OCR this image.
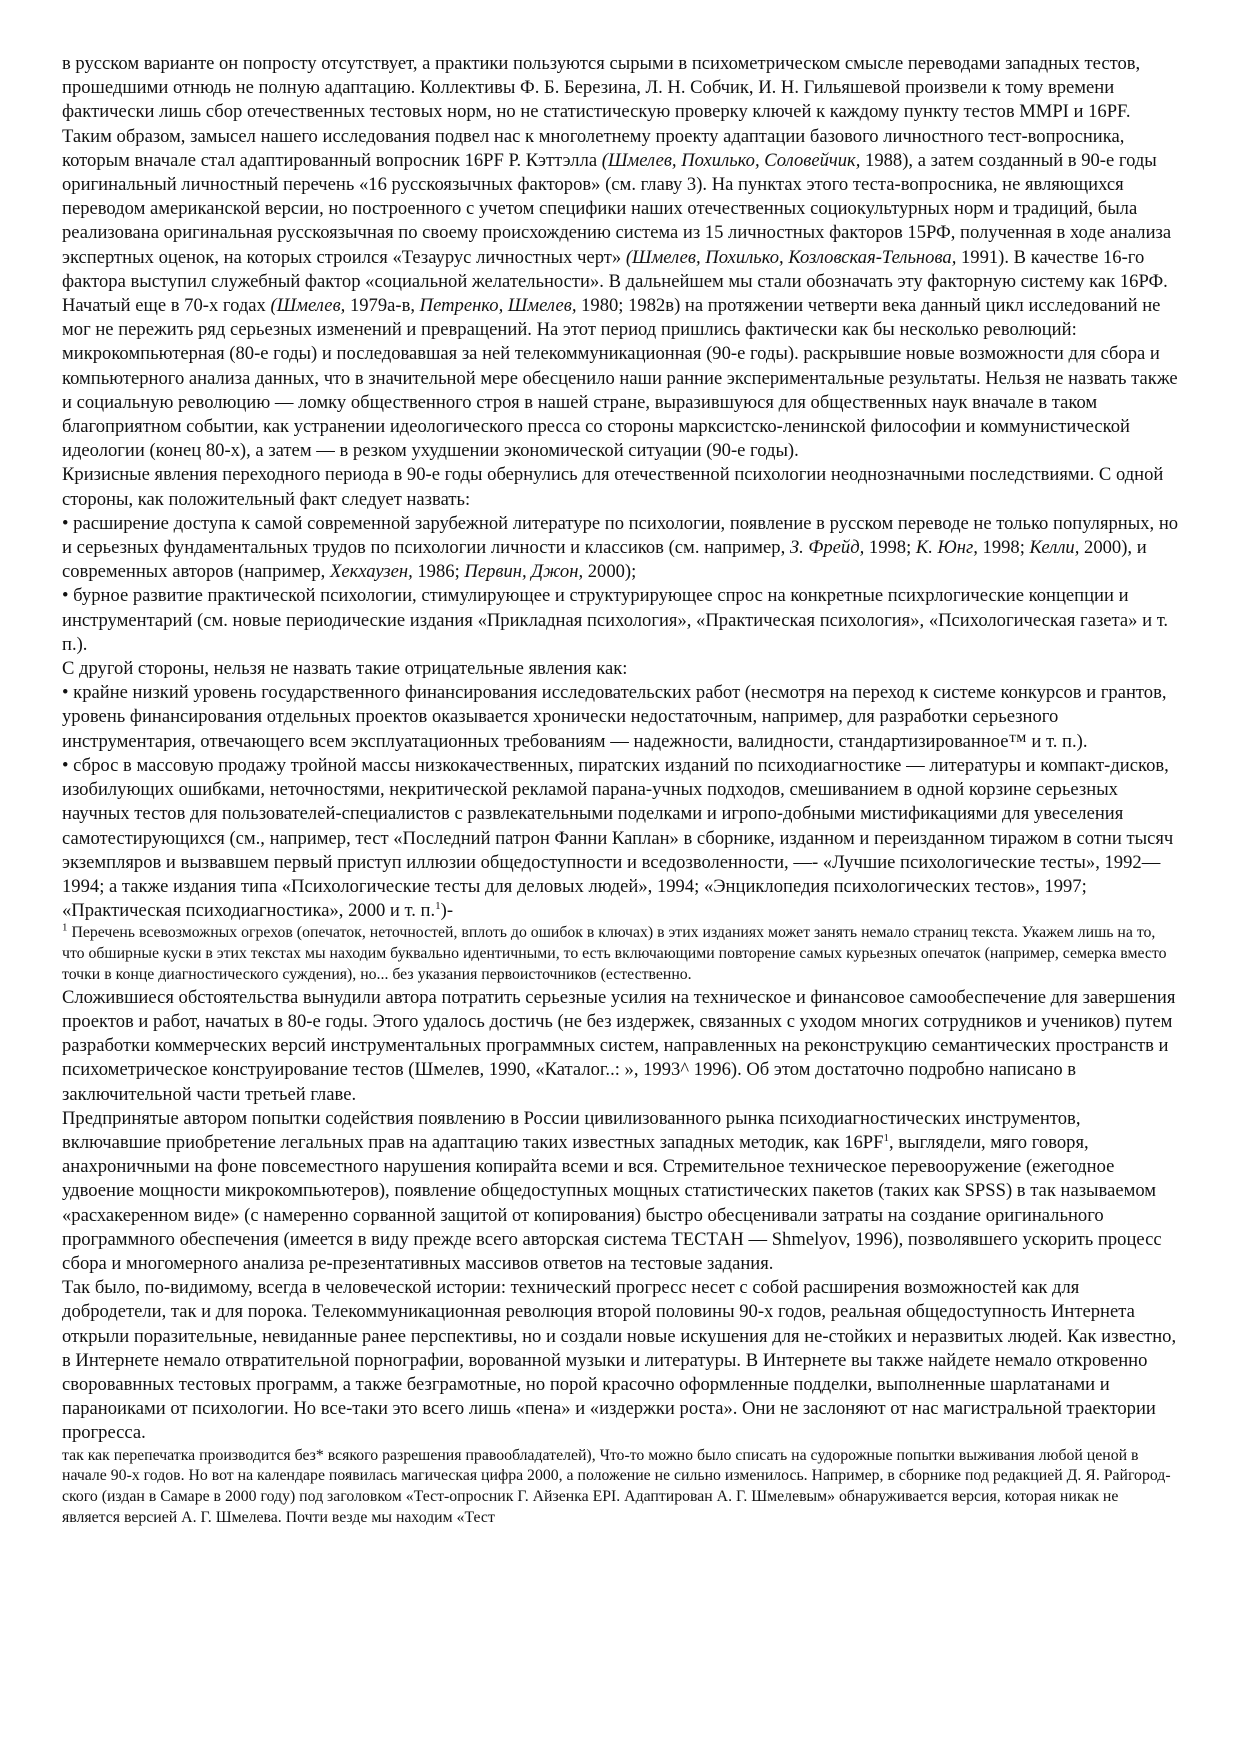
в русском варианте он попросту отсутствует, а практики пользуются сырыми в психометрическом смысле переводами западных тестов, прошедшими отнюдь не полную адаптацию. Коллективы Ф. Б. Березина, Л. Н. Собчик, И. Н. Гильяшевой произвели к тому времени фактически лишь сбор отечественных тестовых норм, но не статистическую проверку ключей к каждому пункту тестов MMPI и 16PF. Таким образом, замысел нашего исследования подвел нас к многолетнему проекту адаптации базового личностного тест-вопросника, которым вначале стал адаптированный вопросник 16PF Р. Кэттэлла (Шмелев, Похилько, Соловейчик, 1988), а затем созданный в 90-е годы оригинальный личностный перечень «16 русскоязычных факторов» (см. главу 3). На пунктах этого теста-вопросника, не являющихся переводом американской версии, но построенного с учетом специфики наших отечественных социокультурных норм и традиций, была реализована оригинальная русскоязычная по своему происхождению система из 15 личностных факторов 15РФ, полученная в ходе анализа экспертных оценок, на которых строился «Тезаурус личностных черт» (Шмелев, Похилько, Козловская-Тельнова, 1991). В качестве 16-го фактора выступил служебный фактор «социальной желательности». В дальнейшем мы стали обозначать эту факторную систему как 16РФ.

Начатый еще в 70-х годах (Шмелев, 1979а-в, Петренко, Шмелев, 1980; 1982в) на протяжении четверти века данный цикл исследований не мог не пережить ряд серьезных изменений и превращений. На этот период пришлись фактически как бы несколько революций: микрокомпьютерная (80-е годы) и последовавшая за ней телекоммуникационная (90-е годы). раскрывшие новые возможности для сбора и компьютерного анализа данных, что в значительной мере обесценило наши ранние экспериментальные результаты. Нельзя не назвать также и социальную революцию — ломку общественного строя в нашей стране, выразившуюся для общественных наук вначале в таком благоприятном событии, как устранении идеологического пресса со стороны марксистско-ленинской философии и коммунистической идеологии (конец 80-х), а затем — в резком ухудшении экономической ситуации (90-е годы).

Кризисные явления переходного периода в 90-е годы обернулись для отечественной психологии неоднозначными последствиями. С одной стороны, как положительный факт следует назвать:

• расширение доступа к самой современной зарубежной литературе по психологии, появление в русском переводе не только популярных, но и серьезных фундаментальных трудов по психологии личности и классиков (см. например, З. Фрейд, 1998; К. Юнг, 1998; Келли, 2000), и современных авторов (например, Хекхаузен, 1986; Первин, Джон, 2000);

• бурное развитие практической психологии, стимулирующее и структурирующее спрос на конкретные психрлогические концепции и инструментарий (см. новые периодические издания «Прикладная психология», «Практическая психология», «Психологическая газета» и т. п.).

С другой стороны, нельзя не назвать такие отрицательные явления как:

• крайне низкий уровень государственного финансирования исследовательских работ (несмотря на переход к системе конкурсов и грантов, уровень финансирования отдельных проектов оказывается хронически недостаточным, например, для разработки серьезного инструментария, отвечающего всем эксплуатационных требованиям — надежности, валидности, стандартизированное™ и т. п.).

• сброс в массовую продажу тройной массы низкокачественных, пиратских изданий по психодиагностике — литературы и компакт-дисков, изобилующих ошибками, неточностями, некритической рекламой парана-учных подходов, смешиванием в одной корзине серьезных научных тестов для пользователей-специалистов с развлекательными поделками и игропо-добными мистификациями для увеселения самотестирующихся (см., например, тест «Последний патрон Фанни Каплан» в сборнике, изданном и переизданном тиражом в сотни тысяч экземпляров и вызвавшем первый приступ иллюзии общедоступности и вседозволенности, —- «Лучшие психологические тесты», 1992—1994; а также издания типа «Психологические тесты для деловых людей», 1994; «Энциклопедия психологических тестов», 1997; «Практическая психодиагностика», 2000 и т. п.$^1$)-

$^1$ Перечень всевозможных огрехов (опечаток, неточностей, вплоть до ошибок в ключах) в этих изданиях может занять немало страниц текста. Укажем лишь на то, что обширные куски в этих текстах мы находим буквально идентичными, то есть включающими повторение самых курьезных опечаток (например, семерка вместо точки в конце диагностического суждения), но... без указания первоисточников (естественно.

Сложившиеся обстоятельства вынудили автора потратить серьезные усилия на техническое и финансовое самообеспечение для завершения проектов и работ, начатых в 80-е годы. Этого удалось достичь (не без издержек, связанных с уходом многих сотрудников и учеников) путем разработки коммерческих версий инструментальных программных систем, направленных на реконструкцию семантических пространств и психометрическое конструирование тестов (Шмелев, 1990, «Каталог..: », 1993^ 1996). Об этом достаточно подробно написано в заключительной части третьей главе.

Предпринятые автором попытки содействия появлению в России цивилизованного рынка психодиагностических инструментов, включавшие приобретение легальных прав на адаптацию таких известных западных методик, как $16PF^1$, выглядели, мяго говоря, анахроничными на фоне повсеместного нарушения копирайта всеми и вся. Стремительное техническое перевооружение (ежегодное удвоение мощности микрокомпьютеров), появление общедоступных мощных статистических пакетов (таких как SPSS) в так называемом «расхакеренном виде» (с намеренно сорванной защитой от копирования) быстро обесценивали затраты на создание оригинального программного обеспечения (имеется в виду прежде всего авторская система ТЕСТАН — Shmelyov, 1996), позволявшего ускорить процесс сбора и многомерного анализа ре-презентативных массивов ответов на тестовые задания.

Так было, по-видимому, всегда в человеческой истории: технический прогресс несет с собой расширения возможностей как для добродетели, так и для порока. Телекоммуникационная революция второй половины 90-х годов, реальная общедоступность Интернета открыли поразительные, невиданные ранее перспективы, но и создали новые искушения для не-стойких и неразвитых людей. Как известно, в Интернете немало отвратительной порнографии, ворованной музыки и литературы. В Интернете вы также найдете немало откровенно своровавнных тестовых программ, а также безграмотные, но порой красочно оформленные подделки, выполненные шарлатанами и параноиками от психологии. Но все-таки это всего лишь «пена» и «издержки роста». Они не заслоняют от нас магистральной траектории прогресса.

так как перепечатка производится без* всякого разрешения правообладателей), Что-то можно было списать на судорожные попытки выживания любой ценой в начале 90-х годов. Но вот на календаре появилась магическая цифра 2000, а положение не сильно изменилось. Например, в сборнике под редакцией Д. Я. Райгород-ского (издан в Самаре в 2000 году) под заголовком «Тест-опросник Г. Айзенка EPI. Адаптирован А. Г. Шмелевым» обнаруживается версия, которая никак не является версией А. Г. Шмелева. Почти везде мы находим «Тест
